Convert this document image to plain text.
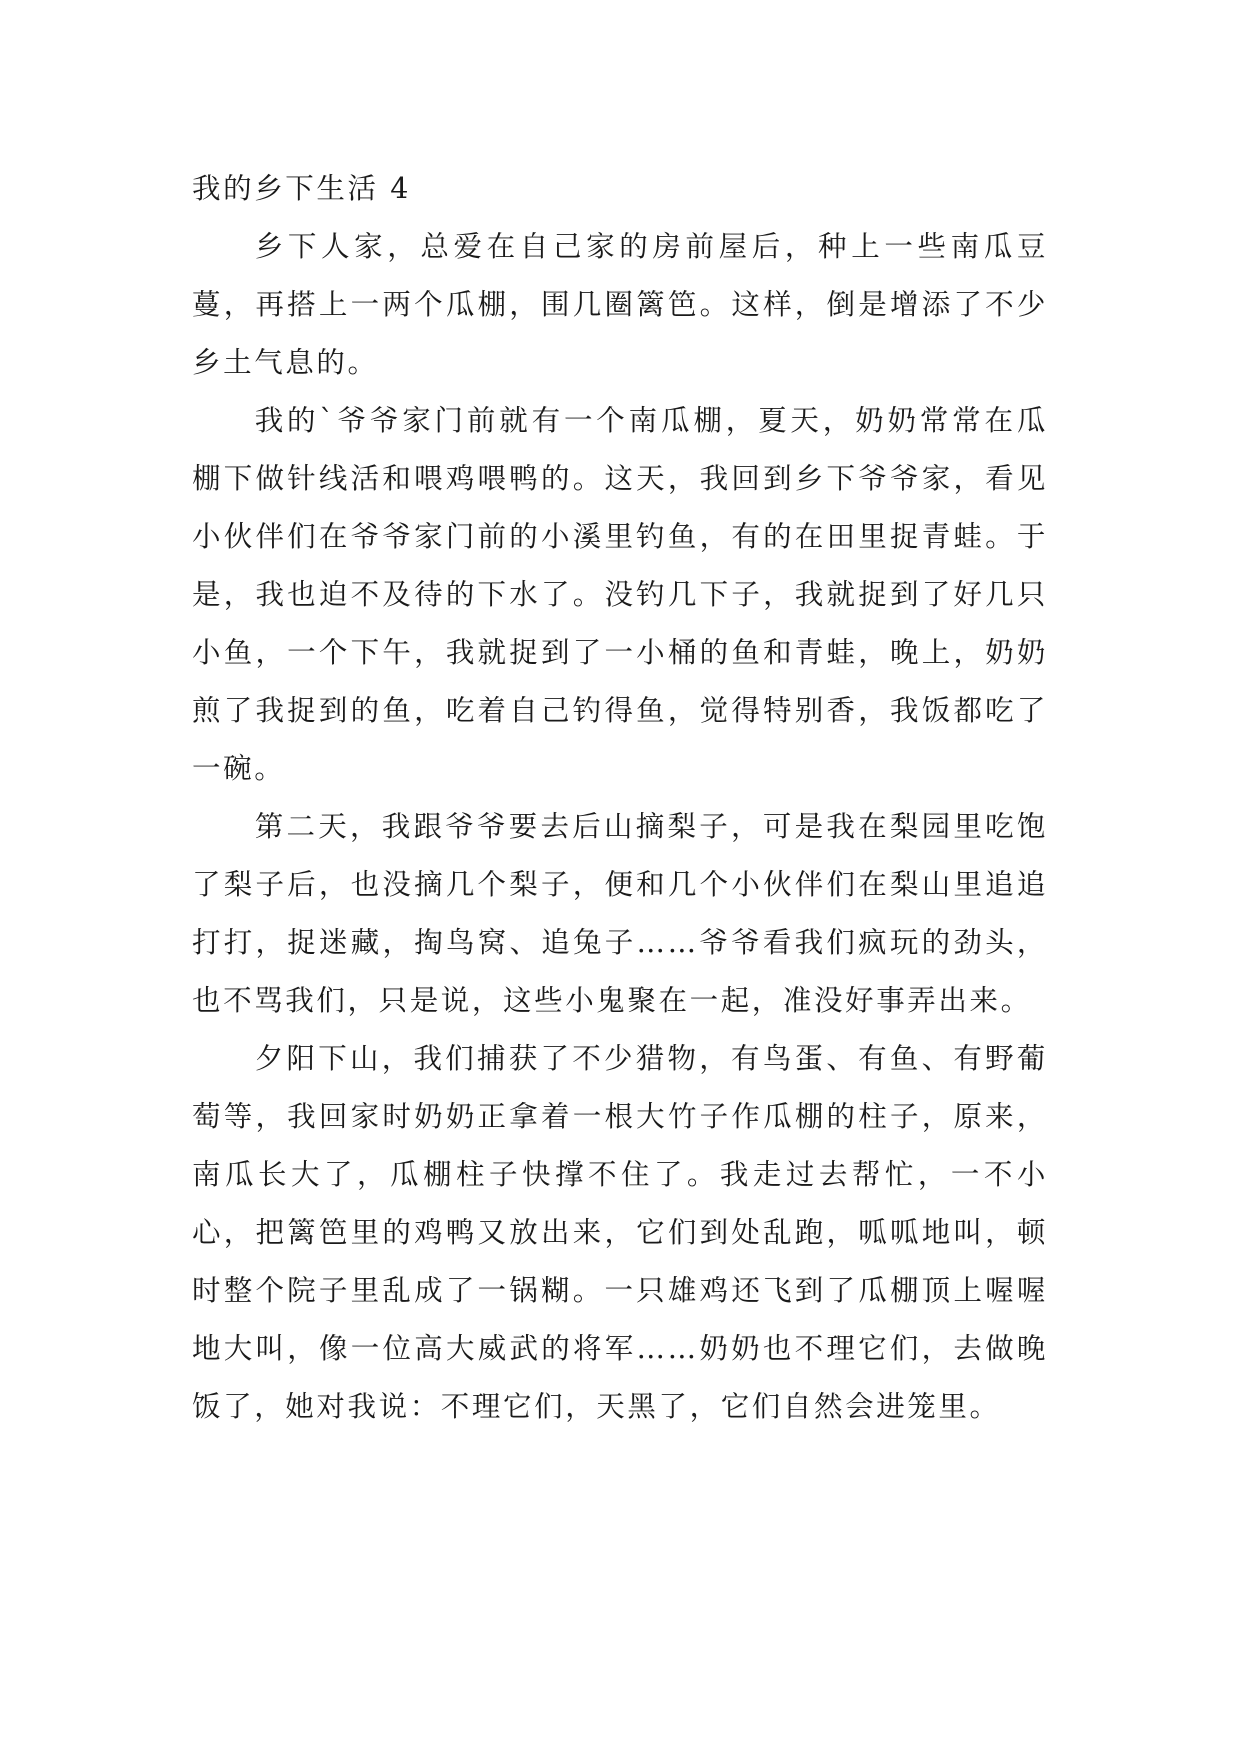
我的乡下生活 4

乡下人家，总爱在自己家的房前屋后，种上一些南瓜豆蔓，再搭上一两个瓜棚，围几圈篱笆。这样，倒是增添了不少乡土气息的。

我的`爷爷家门前就有一个南瓜棚，夏天，奶奶常常在瓜棚下做针线活和喂鸡喂鸭的。这天，我回到乡下爷爷家，看见小伙伴们在爷爷家门前的小溪里钓鱼，有的在田里捉青蛙。于是，我也迫不及待的下水了。没钓几下子，我就捉到了好几只小鱼，一个下午，我就捉到了一小桶的鱼和青蛙，晚上，奶奶煎了我捉到的鱼，吃着自己钓得鱼，觉得特别香，我饭都吃了一碗。

第二天，我跟爷爷要去后山摘梨子，可是我在梨园里吃饱了梨子后，也没摘几个梨子，便和几个小伙伴们在梨山里追追打打，捉迷藏，掏鸟窝、追兔子……爷爷看我们疯玩的劲头，也不骂我们，只是说，这些小鬼聚在一起，准没好事弄出来。

夕阳下山，我们捕获了不少猎物，有鸟蛋、有鱼、有野葡萄等，我回家时奶奶正拿着一根大竹子作瓜棚的柱子，原来，南瓜长大了，瓜棚柱子快撑不住了。我走过去帮忙，一不小心，把篱笆里的鸡鸭又放出来，它们到处乱跑，呱呱地叫，顿时整个院子里乱成了一锅糊。一只雄鸡还飞到了瓜棚顶上喔喔地大叫，像一位高大威武的将军……奶奶也不理它们，去做晚饭了，她对我说：不理它们，天黑了，它们自然会进笼里。
